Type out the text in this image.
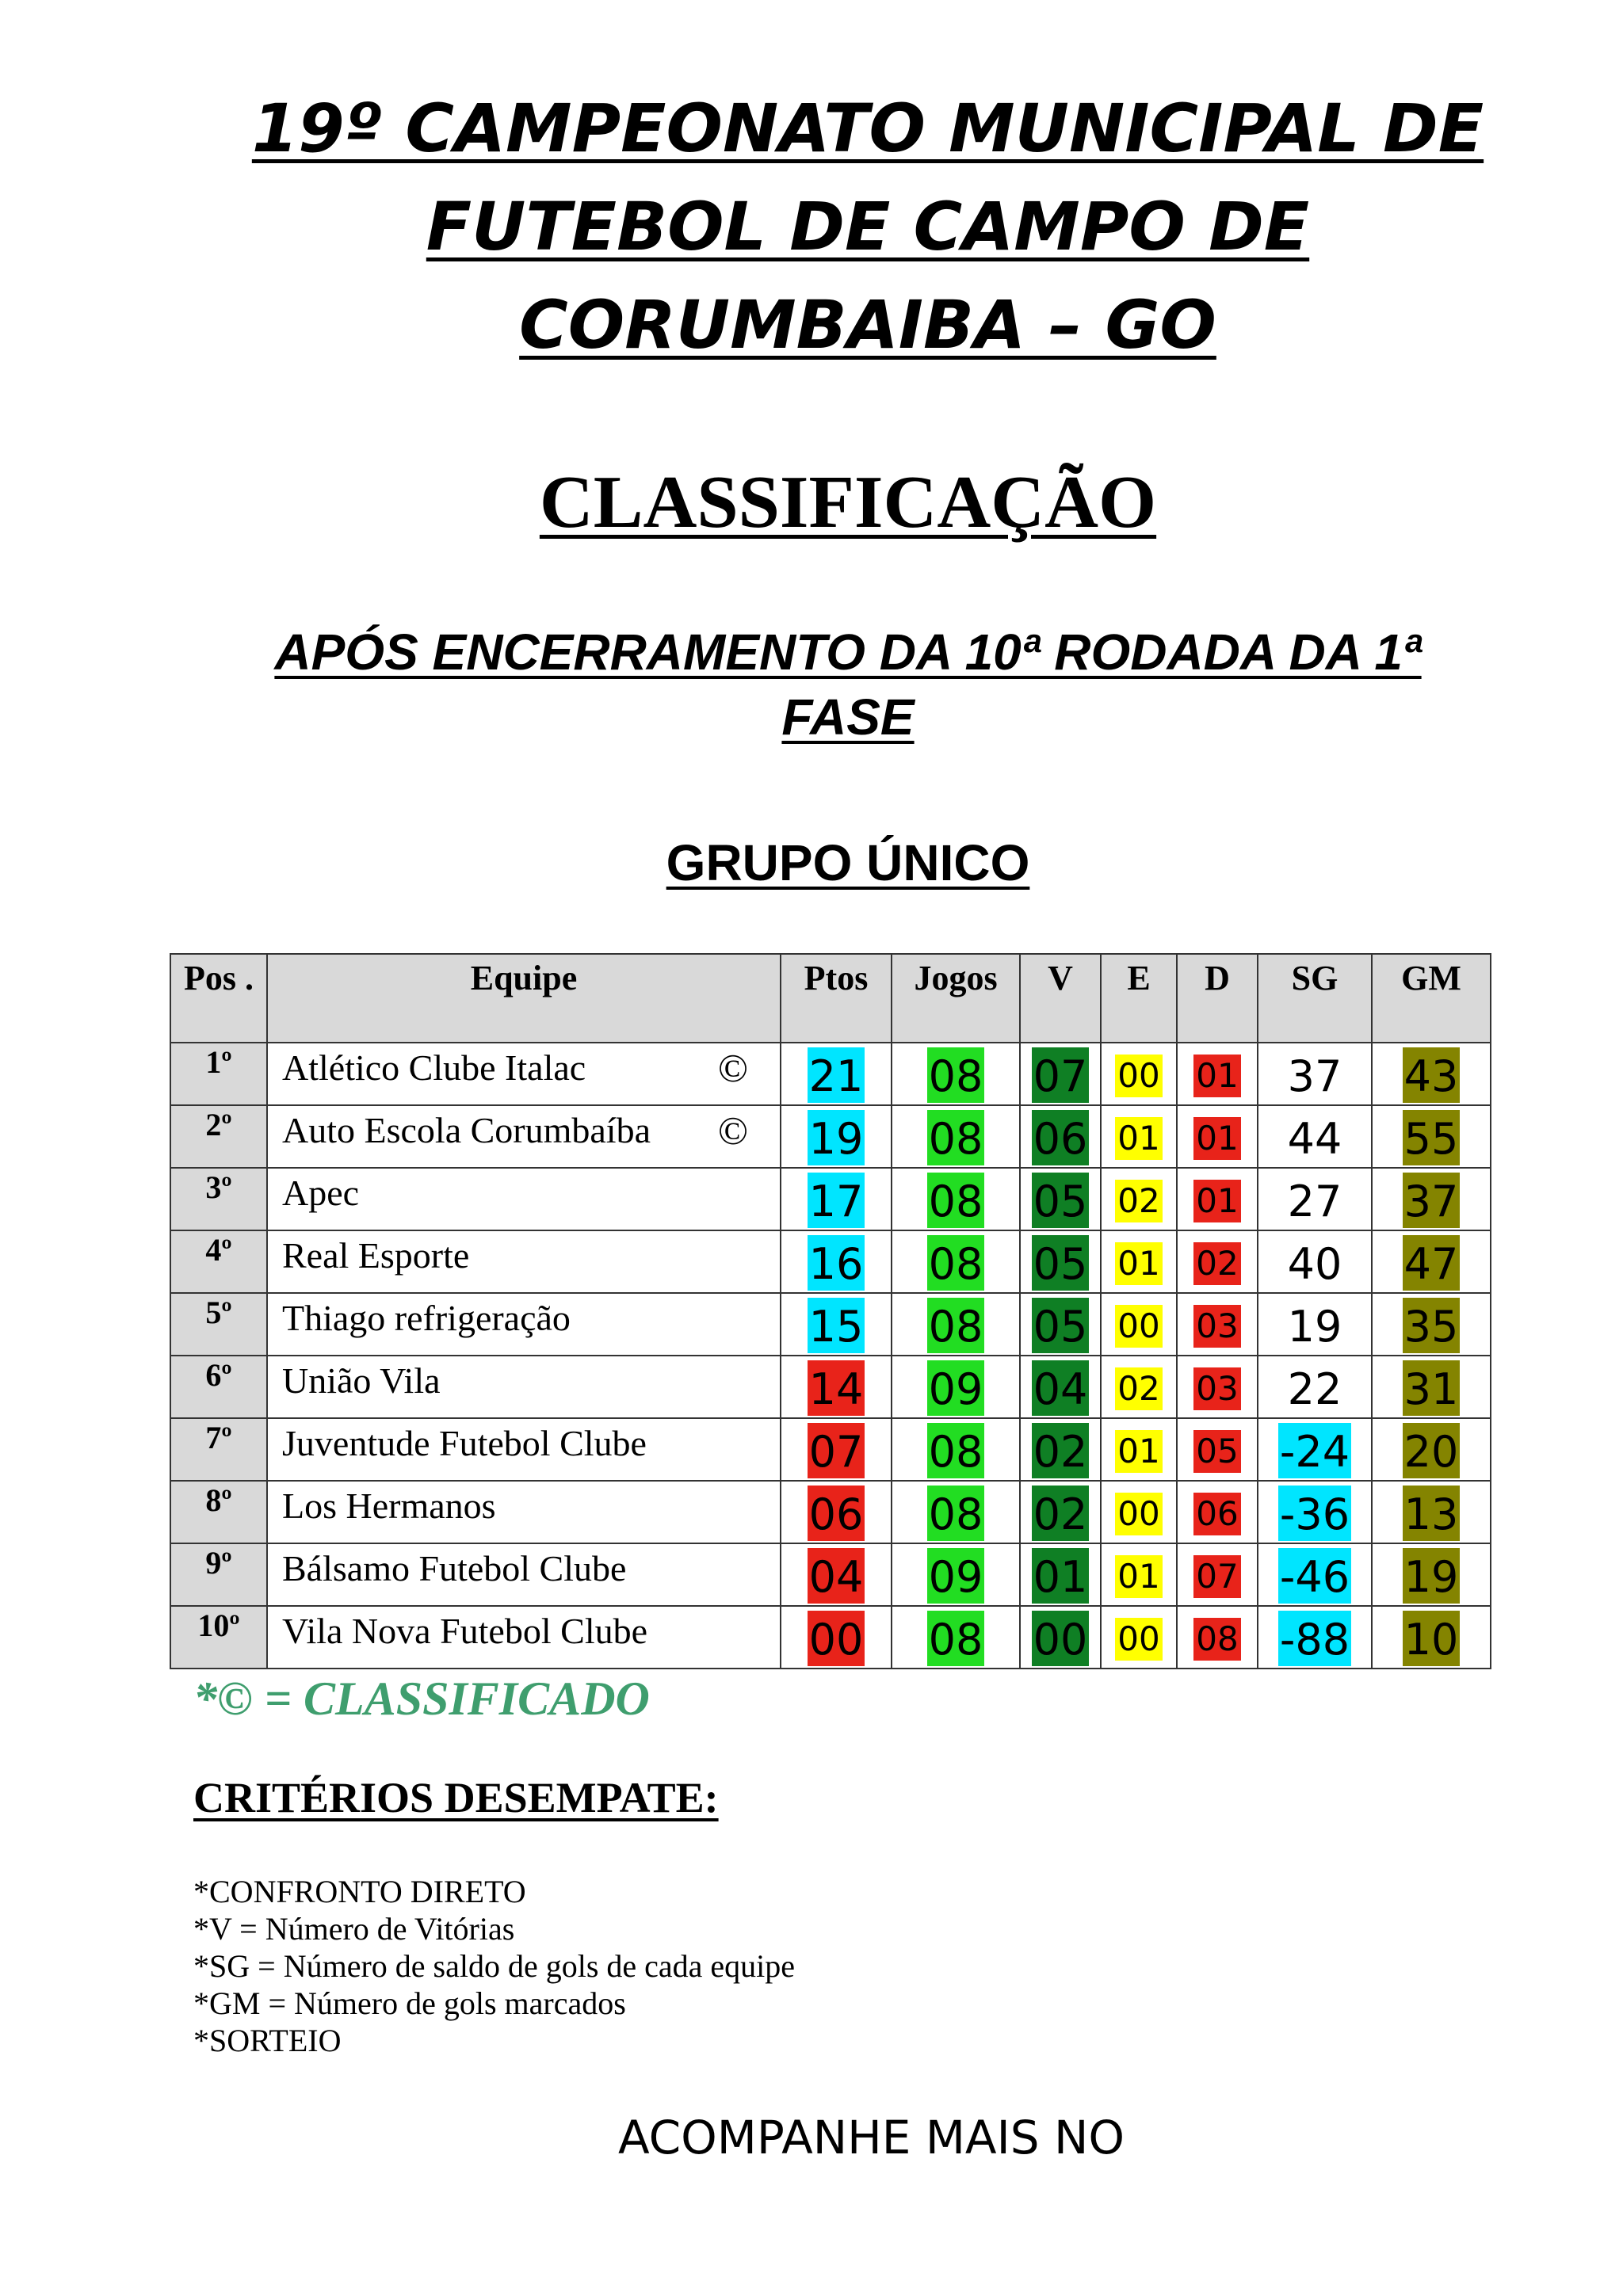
19º CAMPEONATO MUNICIPAL DE
FUTEBOL DE CAMPO DE
CORUMBAIBA – GO
CLASSIFICAÇÃO
APÓS ENCERRAMENTO DA 10ª RODADA DA 1ª
FASE
GRUPO ÚNICO
Pos .	Equipe	Ptos	Jogos	V	E	D	SG	GM
1º	Atlético Clube Italac ©	21	08	07	00	01	37	43
2º	Auto Escola Corumbaíba ©	19	08	06	01	01	44	55
3º	Apec	17	08	05	02	01	27	37
4º	Real Esporte	16	08	05	01	02	40	47
5º	Thiago refrigeração	15	08	05	00	03	19	35
6º	União Vila	14	09	04	02	03	22	31
7º	Juventude Futebol Clube	07	08	02	01	05	-24	20
8º	Los Hermanos	06	08	02	00	06	-36	13
9º	Bálsamo Futebol Clube	04	09	01	01	07	-46	19
10º	Vila Nova Futebol Clube	00	08	00	00	08	-88	10
*© = CLASSIFICADO
CRITÉRIOS DESEMPATE:
*CONFRONTO DIRETO
*V = Número de Vitórias
*SG = Número de saldo de gols de cada equipe
*GM = Número de gols marcados
*SORTEIO
ACOMPANHE MAIS NO
